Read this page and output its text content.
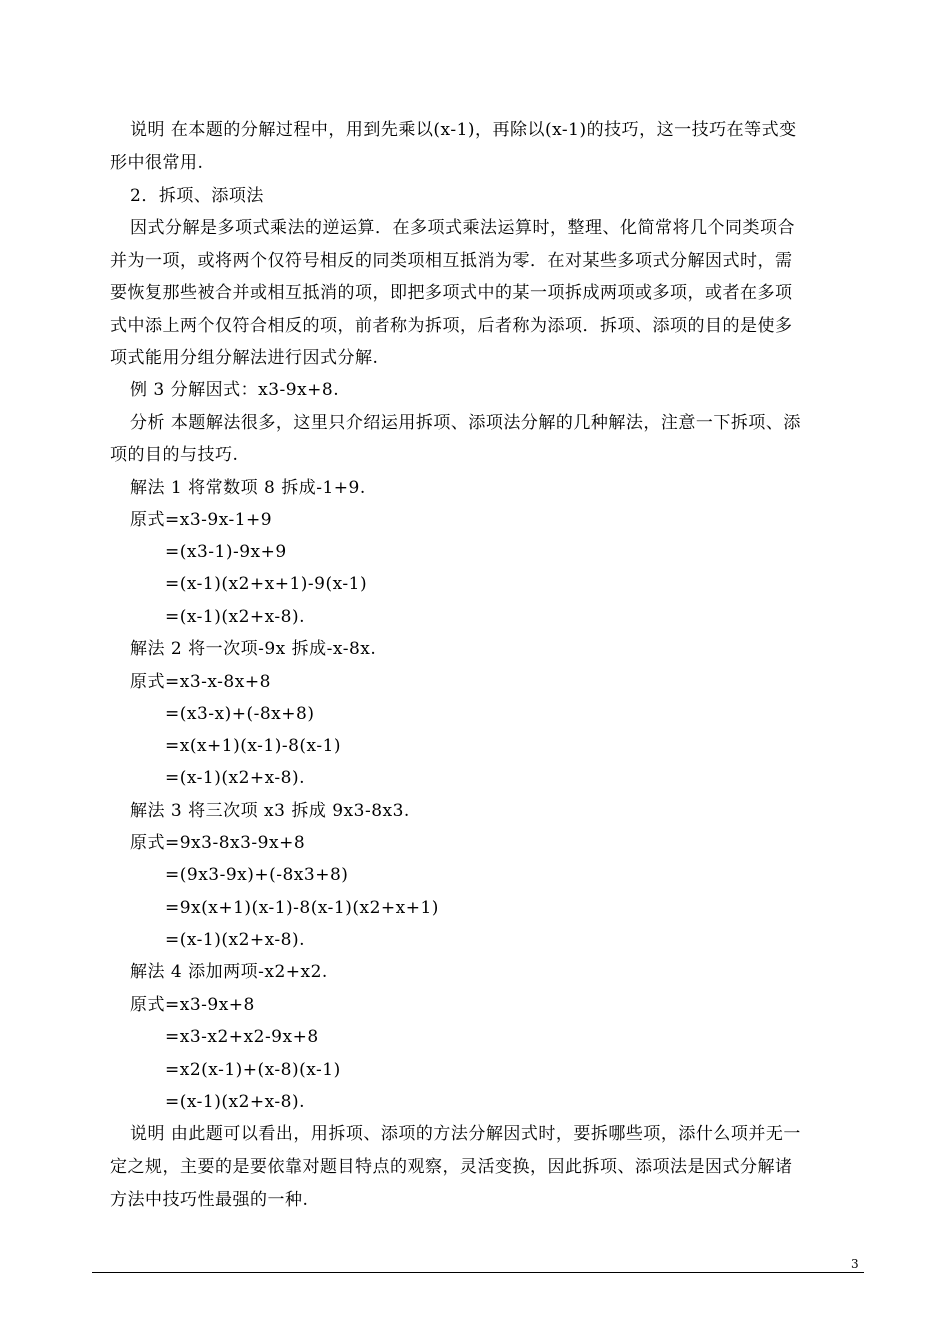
说明 在本题的分解过程中，用到先乘以(x-1)，再除以(x-1)的技巧，这一技巧在等式变
形中很常用.
2．拆项、添项法
因式分解是多项式乘法的逆运算．在多项式乘法运算时，整理、化简常将几个同类项合
并为一项，或将两个仅符号相反的同类项相互抵消为零．在对某些多项式分解因式时，需
要恢复那些被合并或相互抵消的项，即把多项式中的某一项拆成两项或多项，或者在多项
式中添上两个仅符合相反的项，前者称为拆项，后者称为添项．拆项、添项的目的是使多
项式能用分组分解法进行因式分解.
例 3 分解因式：x3-9x+8.
分析 本题解法很多，这里只介绍运用拆项、添项法分解的几种解法，注意一下拆项、添
项的目的与技巧.
解法 1 将常数项 8 拆成-1+9.
原式=x3-9x-1+9
=(x3-1)-9x+9
=(x-1)(x2+x+1)-9(x-1)
=(x-1)(x2+x-8).
解法 2 将一次项-9x 拆成-x-8x.
原式=x3-x-8x+8
=(x3-x)+(-8x+8)
=x(x+1)(x-1)-8(x-1)
=(x-1)(x2+x-8).
解法 3 将三次项 x3 拆成 9x3-8x3.
原式=9x3-8x3-9x+8
=(9x3-9x)+(-8x3+8)
=9x(x+1)(x-1)-8(x-1)(x2+x+1)
=(x-1)(x2+x-8).
解法 4 添加两项-x2+x2.
原式=x3-9x+8
=x3-x2+x2-9x+8
=x2(x-1)+(x-8)(x-1)
=(x-1)(x2+x-8).
说明 由此题可以看出，用拆项、添项的方法分解因式时，要拆哪些项，添什么项并无一
定之规，主要的是要依靠对题目特点的观察，灵活变换，因此拆项、添项法是因式分解诸
方法中技巧性最强的一种.
3
